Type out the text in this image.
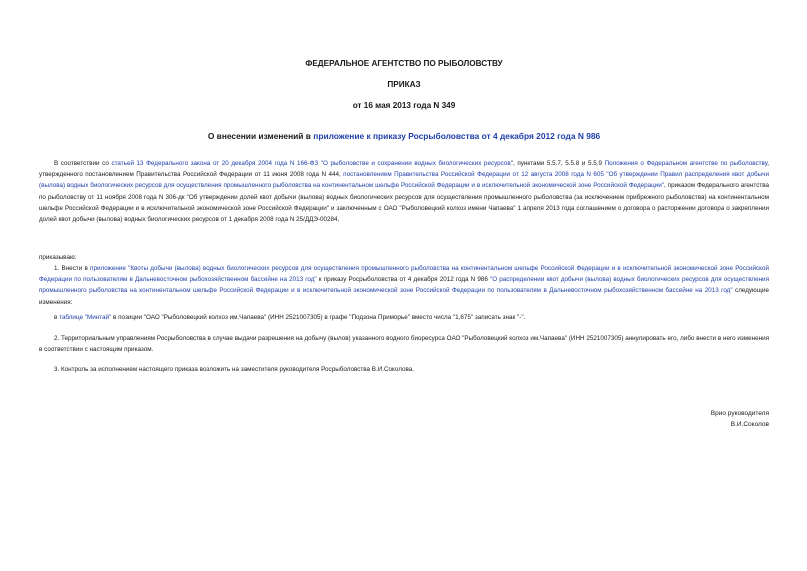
ФЕДЕРАЛЬНОЕ АГЕНТСТВО ПО РЫБОЛОВСТВУ
ПРИКАЗ
от 16 мая 2013 года N 349
О внесении изменений в приложение к приказу Росрыболовства от 4 декабря 2012 года N 986
В соответствии со статьей 13 Федерального закона от 20 декабря 2004 года N 166-ФЗ "О рыболовстве и сохранении водных биологических ресурсов", пунктами 5.5.7, 5.5.8 и 5.5.9 Положения о Федеральном агентстве по рыболовству, утвержденного постановлением Правительства Российской Федерации от 11 июня 2008 года N 444, постановлением Правительства Российской Федерации от 12 августа 2008 года N 605 "Об утверждении Правил распределения квот добычи (вылова) водных биологических ресурсов для осуществления промышленного рыболовства на континентальном шельфе Российской Федерации и в исключительной экономической зоне Российской Федерации", приказом Федерального агентства по рыболовству от 11 ноября 2008 года N 306-дк "Об утверждении долей квот добычи (вылова) водных биологических ресурсов для осуществления промышленного рыболовства (за исключением прибрежного рыболовства) на континентальном шельфе Российской Федерации и в исключительной экономической зоне Российской Федерации" и заключенным с ОАО "Рыболовецкий колхоз имени Чапаева" 1 апреля 2013 года соглашением о договора о расторжении договора о закреплении долей квот добычи (вылова) водных биологических ресурсов от 1 декабря 2008 года N 25/ДДЭ-00284,
приказываю:
1. Внести в приложение "Квоты добычи (вылова) водных биологических ресурсов для осуществления промышленного рыболовства на континентальном шельфе Российской Федерации и в исключительной экономической зоне Российской Федерации по пользователям в Дальневосточном рыбохозяйственном бассейне на 2013 год" к приказу Росрыболовства от 4 декабря 2012 года N 986 "О распределении квот добычи (вылова) водных биологических ресурсов для осуществления промышленного рыболовства на континентальном шельфе Российской Федерации и в исключительной экономической зоне Российской Федерации по пользователям в Дальневосточном рыбохозяйственном бассейне на 2013 год" следующие изменения:
в таблице "Минтай" в позиции "ОАО "Рыболовецкий колхоз им.Чапаева" (ИНН 2521007305) в графе "Подзона Приморье" вместо числа "1,675" записать знак "-".
2. Территориальным управлениям Росрыболовства в случае выдачи разрешения на добычу (вылов) указанного водного биоресурса ОАО "Рыболовецкий колхоз им.Чапаева" (ИНН 2521007305) аннулировать его, либо внести в него изменения в соответствии с настоящим приказом.
3. Контроль за исполнением настоящего приказа возложить на заместителя руководителя Росрыболовства В.И.Соколова.
Врио руководителя
В.И.Соколов
